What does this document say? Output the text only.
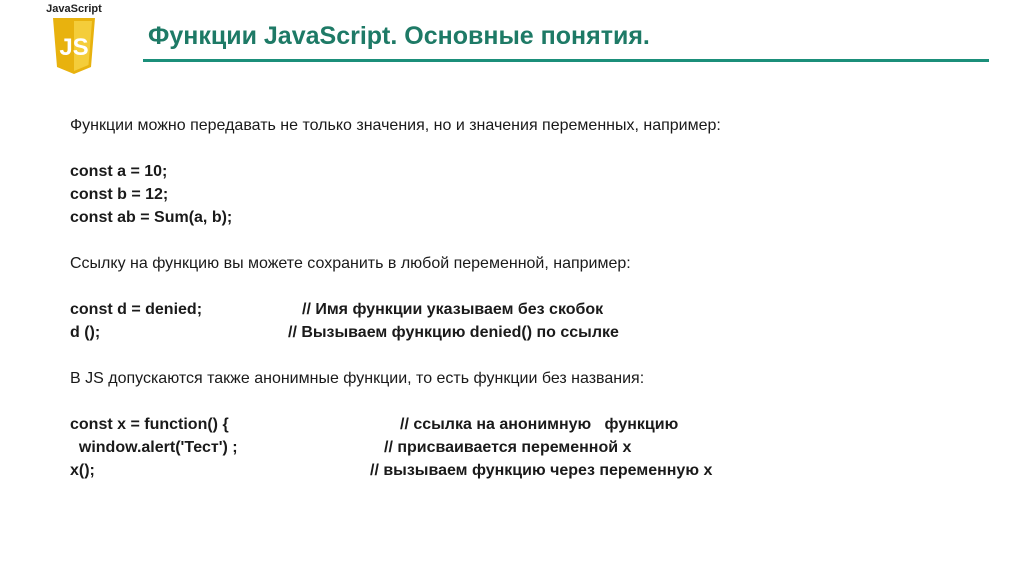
JavaScript
JS Функции JavaScript. Основные понятия.
Функции можно передавать не только значения, но и значения переменных, например:
const a = 10;
const b = 12;
const ab = Sum(a, b);
Ссылку на функцию вы можете сохранить в любой переменной, например:
const d = denied;	// Имя функции указываем без скобок
d ();	// Вызываем функцию denied() по ссылке
В JS допускаются также анонимные функции, то есть функции без названия:
const x = function() {	// ссылка на анонимную   функцию
window.alert('Тест') ;	// присваивается переменной x
x();	// вызываем функцию через переменную x
